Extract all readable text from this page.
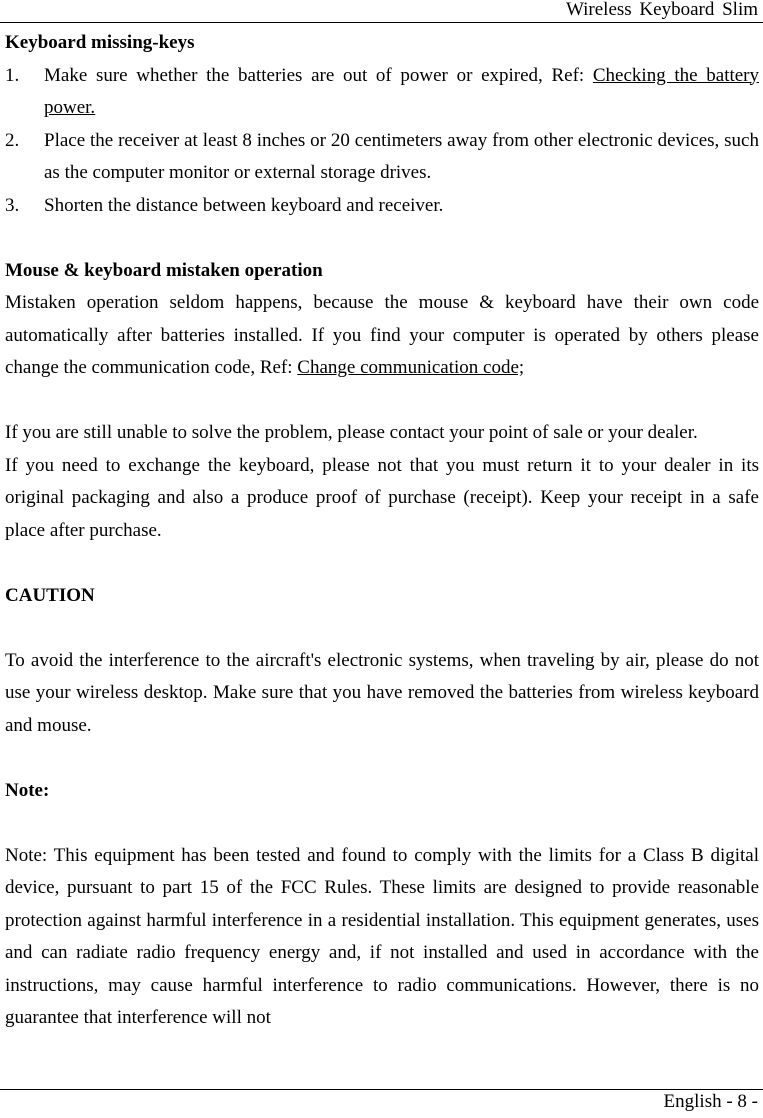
Wireless Keyboard Slim

Keyboard missing-keys

1. Make sure whether the batteries are out of power or expired, Ref: Checking the battery power.
2. Place the receiver at least 8 inches or 20 centimeters away from other electronic devices, such as the computer monitor or external storage drives.
3. Shorten the distance between keyboard and receiver.

Mouse & keyboard mistaken operation

Mistaken operation seldom happens, because the mouse & keyboard have their own code automatically after batteries installed. If you find your computer is operated by others please change the communication code, Ref: Change communication code;

If you are still unable to solve the problem, please contact your point of sale or your dealer.

If you need to exchange the keyboard, please not that you must return it to your dealer in its original packaging and also a produce proof of purchase (receipt). Keep your receipt in a safe place after purchase.

CAUTION

To avoid the interference to the aircraft's electronic systems, when traveling by air, please do not use your wireless desktop. Make sure that you have removed the batteries from wireless keyboard and mouse.

Note:

Note: This equipment has been tested and found to comply with the limits for a Class B digital device, pursuant to part 15 of the FCC Rules. These limits are designed to provide reasonable protection against harmful interference in a residential installation. This equipment generates, uses and can radiate radio frequency energy and, if not installed and used in accordance with the instructions, may cause harmful interference to radio communications. However, there is no guarantee that interference will not

English - 8 -
